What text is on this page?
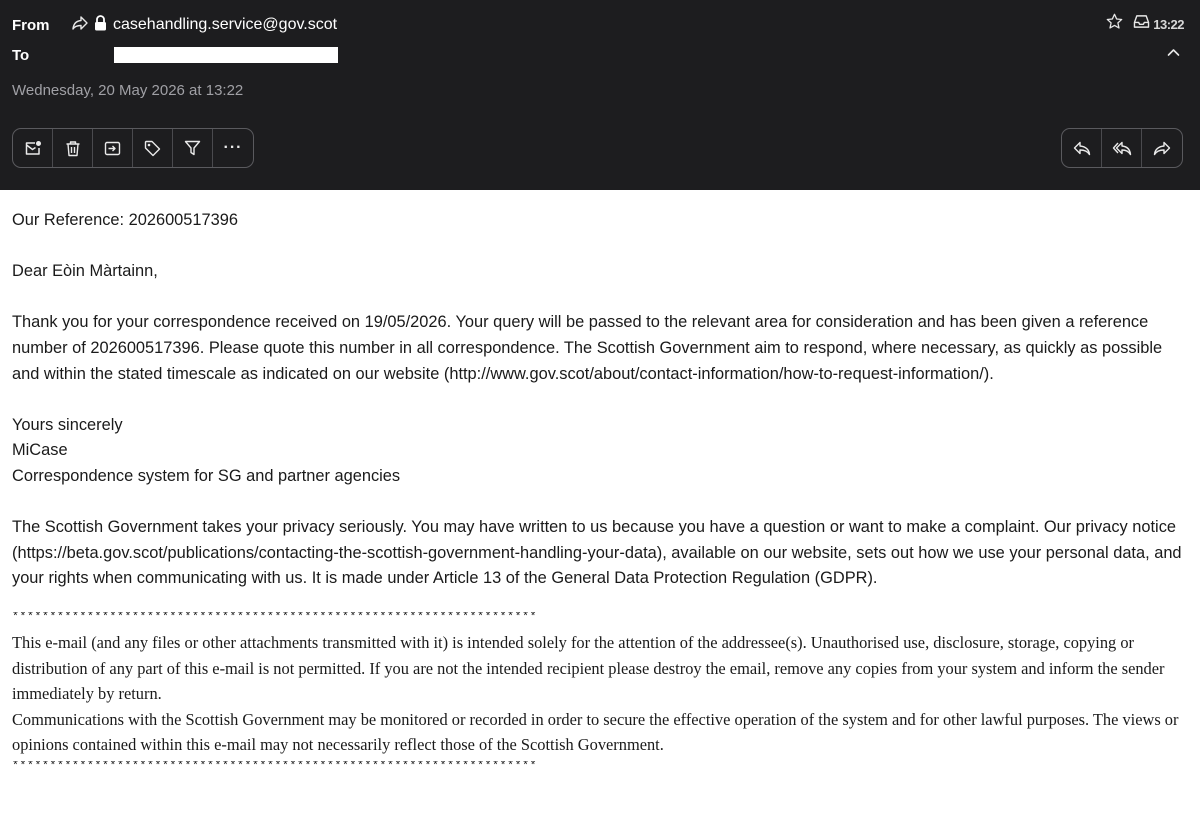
From	casehandling.service@gov.scot
To
Wednesday, 20 May 2026 at 13:22
13:22
···

Our Reference: 202600517396

Dear Eòin Màrtainn,

Thank you for your correspondence received on 19/05/2026. Your query will be passed to the relevant area for consideration and has been given a reference number of 202600517396. Please quote this number in all correspondence. The Scottish Government aim to respond, where necessary, as quickly as possible and within the stated timescale as indicated on our website (http://www.gov.scot/about/contact-information/how-to-request-information/).

Yours sincerely

MiCase

Correspondence system for SG and partner agencies

The Scottish Government takes your privacy seriously. You may have written to us because you have a question or want to make a complaint. Our privacy notice (https://beta.gov.scot/publications/contacting-the-scottish-government-handling-your-data), available on our website, sets out how we use your personal data, and your rights when communicating with us. It is made under Article 13 of the General Data Protection Regulation (GDPR).

**********************************************************************

This e-mail (and any files or other attachments transmitted with it) is intended solely for the attention of the addressee(s). Unauthorised use, disclosure, storage, copying or distribution of any part of this e-mail is not permitted. If you are not the intended recipient please destroy the email, remove any copies from your system and inform the sender immediately by return.

Communications with the Scottish Government may be monitored or recorded in order to secure the effective operation of the system and for other lawful purposes. The views or opinions contained within this e-mail may not necessarily reflect those of the Scottish Government.

**********************************************************************
